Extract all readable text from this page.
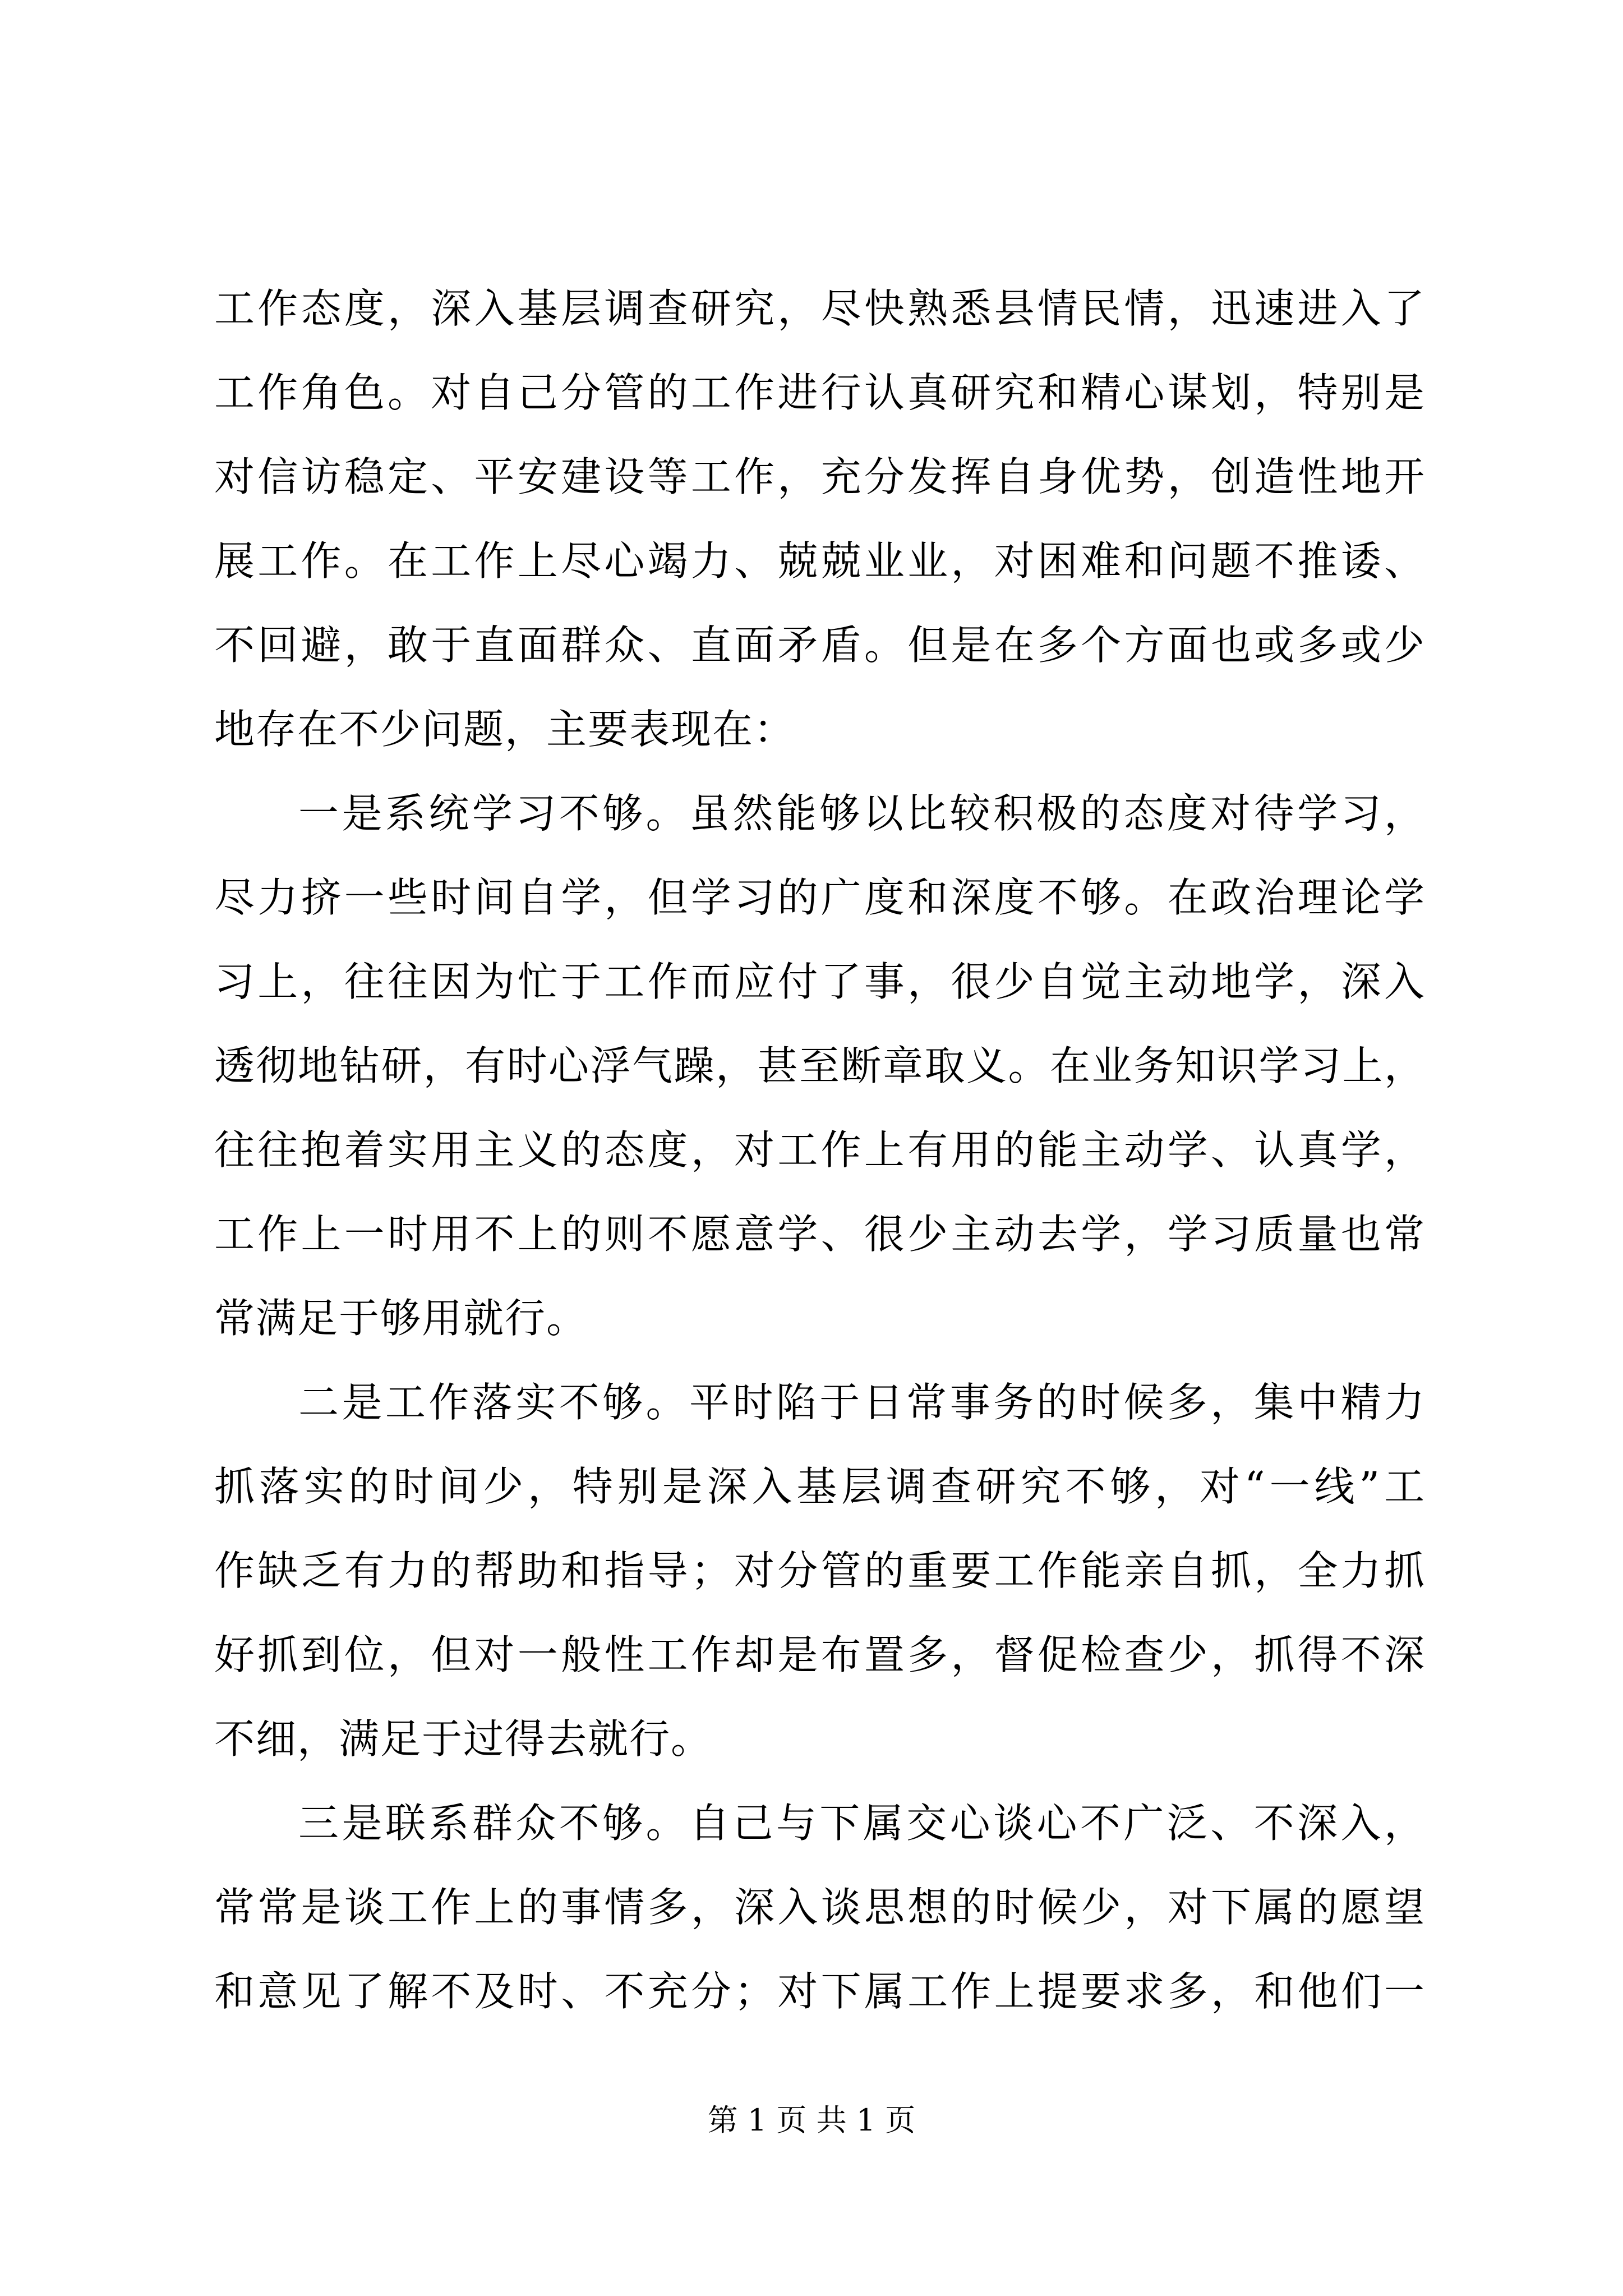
工作态度，深入基层调查研究，尽快熟悉县情民情，迅速进入了
工作角色。对自己分管的工作进行认真研究和精心谋划，特别是
对信访稳定、平安建设等工作，充分发挥自身优势，创造性地开
展工作。在工作上尽心竭力、兢兢业业，对困难和问题不推诿、
不回避，敢于直面群众、直面矛盾。但是在多个方面也或多或少
地存在不少问题，主要表现在：
一是系统学习不够。虽然能够以比较积极的态度对待学习，
尽力挤一些时间自学，但学习的广度和深度不够。在政治理论学
习上，往往因为忙于工作而应付了事，很少自觉主动地学，深入
透彻地钻研，有时心浮气躁，甚至断章取义。在业务知识学习上，
往往抱着实用主义的态度，对工作上有用的能主动学、认真学，
工作上一时用不上的则不愿意学、很少主动去学，学习质量也常
常满足于够用就行。
二是工作落实不够。平时陷于日常事务的时候多，集中精力
抓落实的时间少，特别是深入基层调查研究不够，对“一线”工
作缺乏有力的帮助和指导；对分管的重要工作能亲自抓，全力抓
好抓到位，但对一般性工作却是布置多，督促检查少，抓得不深
不细，满足于过得去就行。
三是联系群众不够。自己与下属交心谈心不广泛、不深入，
常常是谈工作上的事情多，深入谈思想的时候少，对下属的愿望
和意见了解不及时、不充分；对下属工作上提要求多，和他们一
第 1 页 共 1 页
